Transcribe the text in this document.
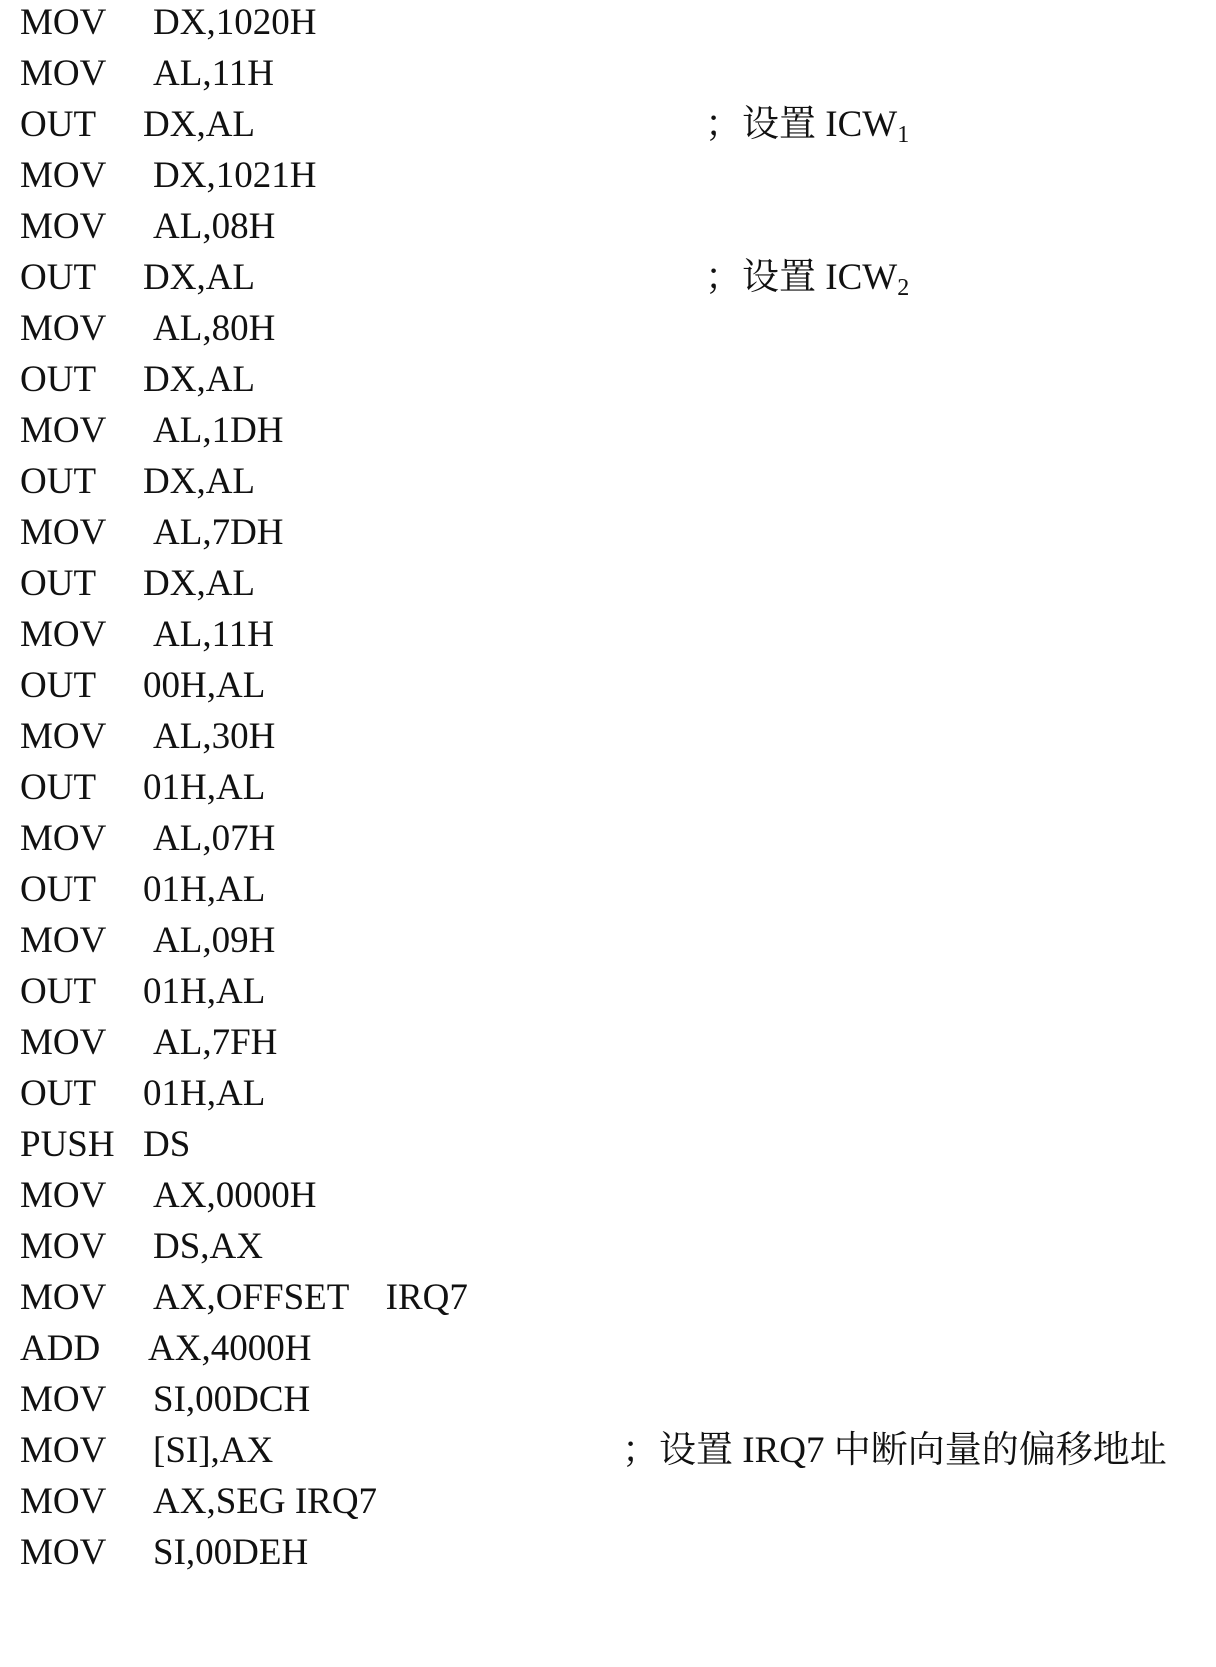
MOV DX,1020H
MOV AL,11H
OUT DX,AL	；设置 $ICW_1$
MOV DX,1021H
MOV AL,08H
OUT DX,AL	；设置 $ICW_2$
MOV AL,80H
OUT DX,AL
MOV AL,1DH
OUT DX,AL
MOV AL,7DH
OUT DX,AL
MOV AL,11H
OUT 00H,AL
MOV AL,30H
OUT 01H,AL
MOV AL,07H
OUT 01H,AL
MOV AL,09H
OUT 01H,AL
MOV AL,7FH
OUT 01H,AL
PUSH DS
MOV AX,0000H
MOV DS,AX
MOV AX,OFFSET    IRQ7
ADD AX,4000H
MOV SI,00DCH
MOV [SI],AX	；设置 IRQ7 中断向量的偏移地址
MOV AX,SEG IRQ7
MOV SI,00DEH
